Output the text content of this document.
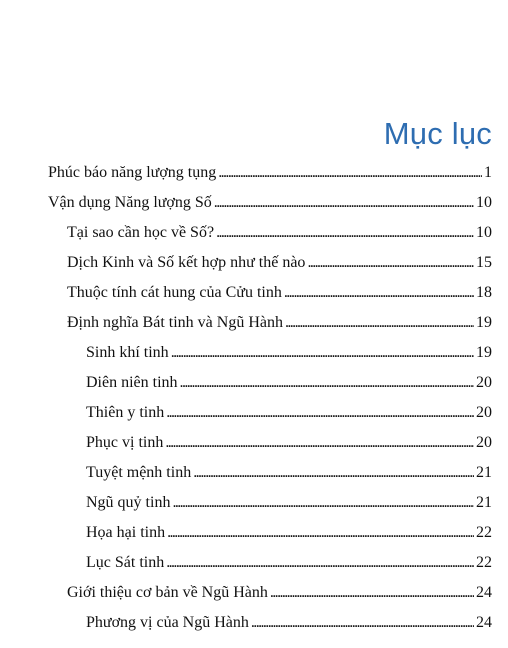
Mục lục
Phúc báo năng lượng tụng . . .	1
Vận dụng Năng lượng Số . . .	10
Tại sao cần học về Số? . . .	10
Dịch Kinh và Số kết hợp như thế nào . . .	15
Thuộc tính cát hung của Cửu tinh . . .	18
Định nghĩa Bát tinh và Ngũ Hành . . .	19
Sinh khí tinh . . .	19
Diên niên tinh . . .	20
Thiên y tinh . . .	20
Phục vị tinh . . .	20
Tuyệt mệnh tinh . . .	21
Ngũ quỷ tinh . . .	21
Họa hại tinh . . .	22
Lục Sát tinh . . .	22
Giới thiệu cơ bản về Ngũ Hành . . .	24
Phương vị của Ngũ Hành . . .	24
